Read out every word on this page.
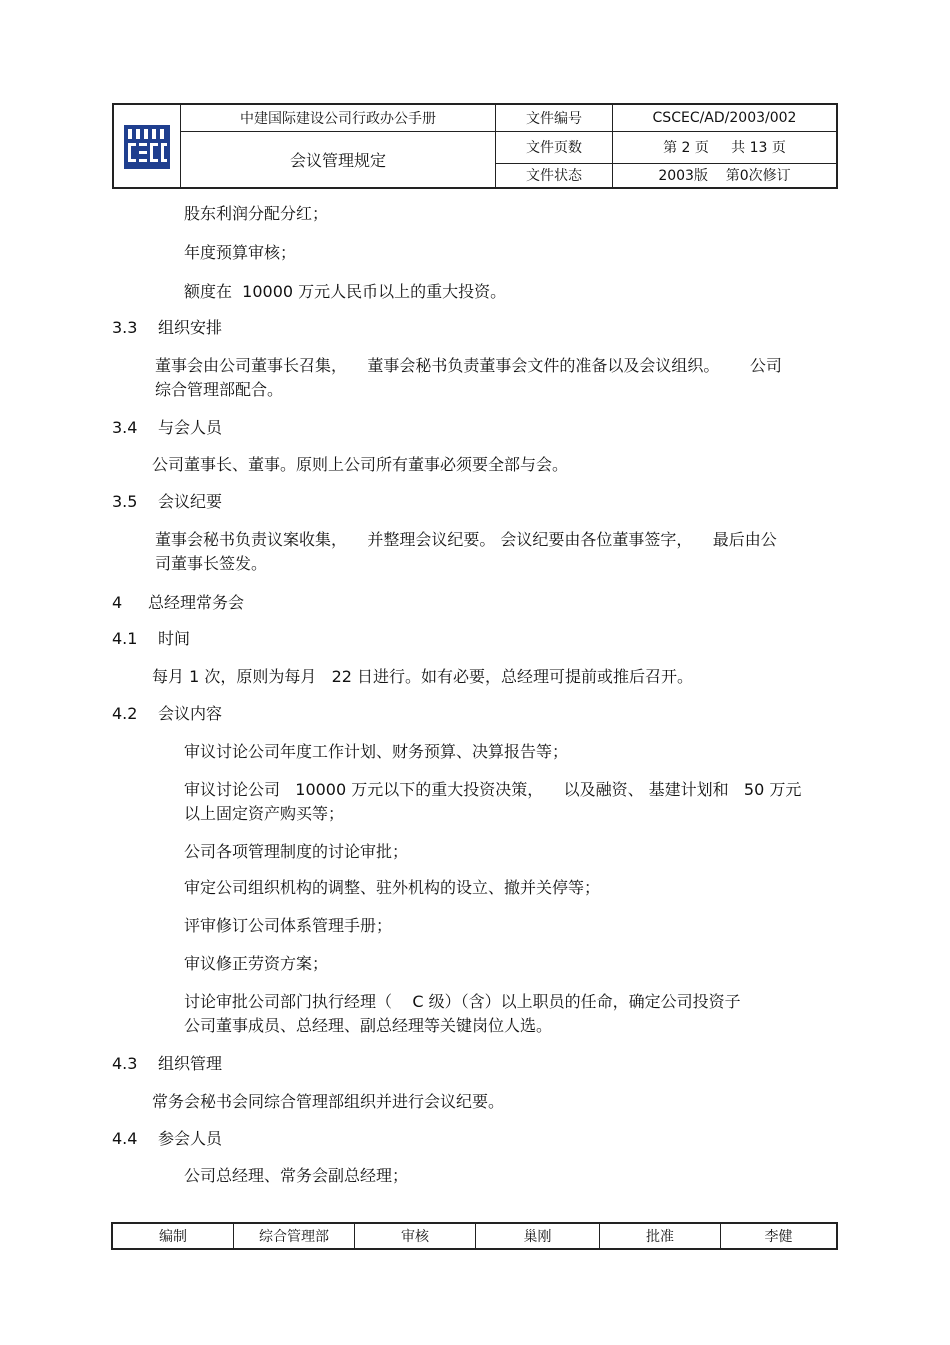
	中建国际建设公司行政办公手册	文件编号	CSCEC/AD/2003/002
	会议管理规定	文件页数	第 2 页     共 13 页
		文件状态	2003版    第0次修订
股东利润分配分红；
年度预算审核；
额度在  10000 万元人民币以上的重大投资。
3.3 组织安排
董事会由公司董事长召集，    董事会秘书负责董事会文件的准备以及会议组织。      公司
综合管理部配合。
3.4 与会人员
公司董事长、董事。原则上公司所有董事必须要全部与会。
3.5 会议纪要
董事会秘书负责议案收集，    并整理会议纪要。 会议纪要由各位董事签字，    最后由公
司董事长签发。
4 总经理常务会
4.1 时间
每月 1 次，原则为每月   22 日进行。如有必要，总经理可提前或推后召开。
4.2 会议内容
审议讨论公司年度工作计划、财务预算、决算报告等；
审议讨论公司   10000 万元以下的重大投资决策，    以及融资、 基建计划和   50 万元
以上固定资产购买等；
公司各项管理制度的讨论审批；
审定公司组织机构的调整、驻外机构的设立、撤并关停等；
评审修订公司体系管理手册；
审议修正劳资方案；
讨论审批公司部门执行经理（    C 级）（含）以上职员的任命，确定公司投资子
公司董事成员、总经理、副总经理等关键岗位人选。
4.3 组织管理
常务会秘书会同综合管理部组织并进行会议纪要。
4.4 参会人员
公司总经理、常务会副总经理；
编制	综合管理部	审核	巢刚	批准	李健
